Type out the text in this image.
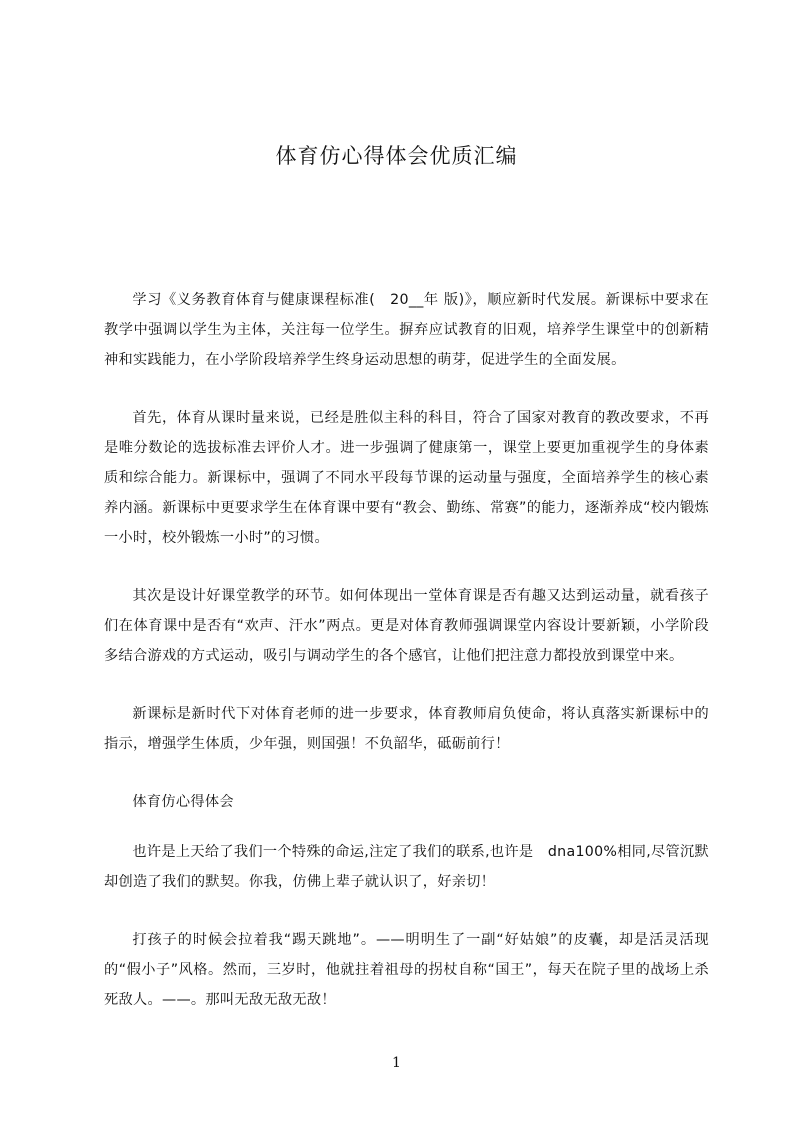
体育仿心得体会优质汇编

学习《义务教育体育与健康课程标准(　20__年 版)》，顺应新时代发展。新课标中要求在教学中强调以学生为主体，关注每一位学生。摒弃应试教育的旧观，培养学生课堂中的创新精神和实践能力，在小学阶段培养学生终身运动思想的萌芽，促进学生的全面发展。

首先，体育从课时量来说，已经是胜似主科的科目，符合了国家对教育的教改要求，不再是唯分数论的选拔标准去评价人才。进一步强调了健康第一，课堂上要更加重视学生的身体素质和综合能力。新课标中，强调了不同水平段每节课的运动量与强度，全面培养学生的核心素养内涵。新课标中更要求学生在体育课中要有“教会、勤练、常赛”的能力，逐渐养成“校内锻炼一小时，校外锻炼一小时”的习惯。

其次是设计好课堂教学的环节。如何体现出一堂体育课是否有趣又达到运动量，就看孩子们在体育课中是否有“欢声、汗水”两点。更是对体育教师强调课堂内容设计要新颖，小学阶段多结合游戏的方式运动，吸引与调动学生的各个感官，让他们把注意力都投放到课堂中来。

新课标是新时代下对体育老师的进一步要求，体育教师肩负使命，将认真落实新课标中的指示，增强学生体质，少年强，则国强！不负韶华，砥砺前行！

体育仿心得体会

也许是上天给了我们一个特殊的命运,注定了我们的联系,也许是　dna100%相同,尽管沉默却创造了我们的默契。你我，仿佛上辈子就认识了，好亲切！

打孩子的时候会拉着我“踢天跳地”。——明明生了一副“好姑娘”的皮囊，却是活灵活现的“假小子”风格。然而，三岁时，他就拄着祖母的拐杖自称“国王”，每天在院子里的战场上杀死敌人。——。那叫无敌无敌无敌！

1
